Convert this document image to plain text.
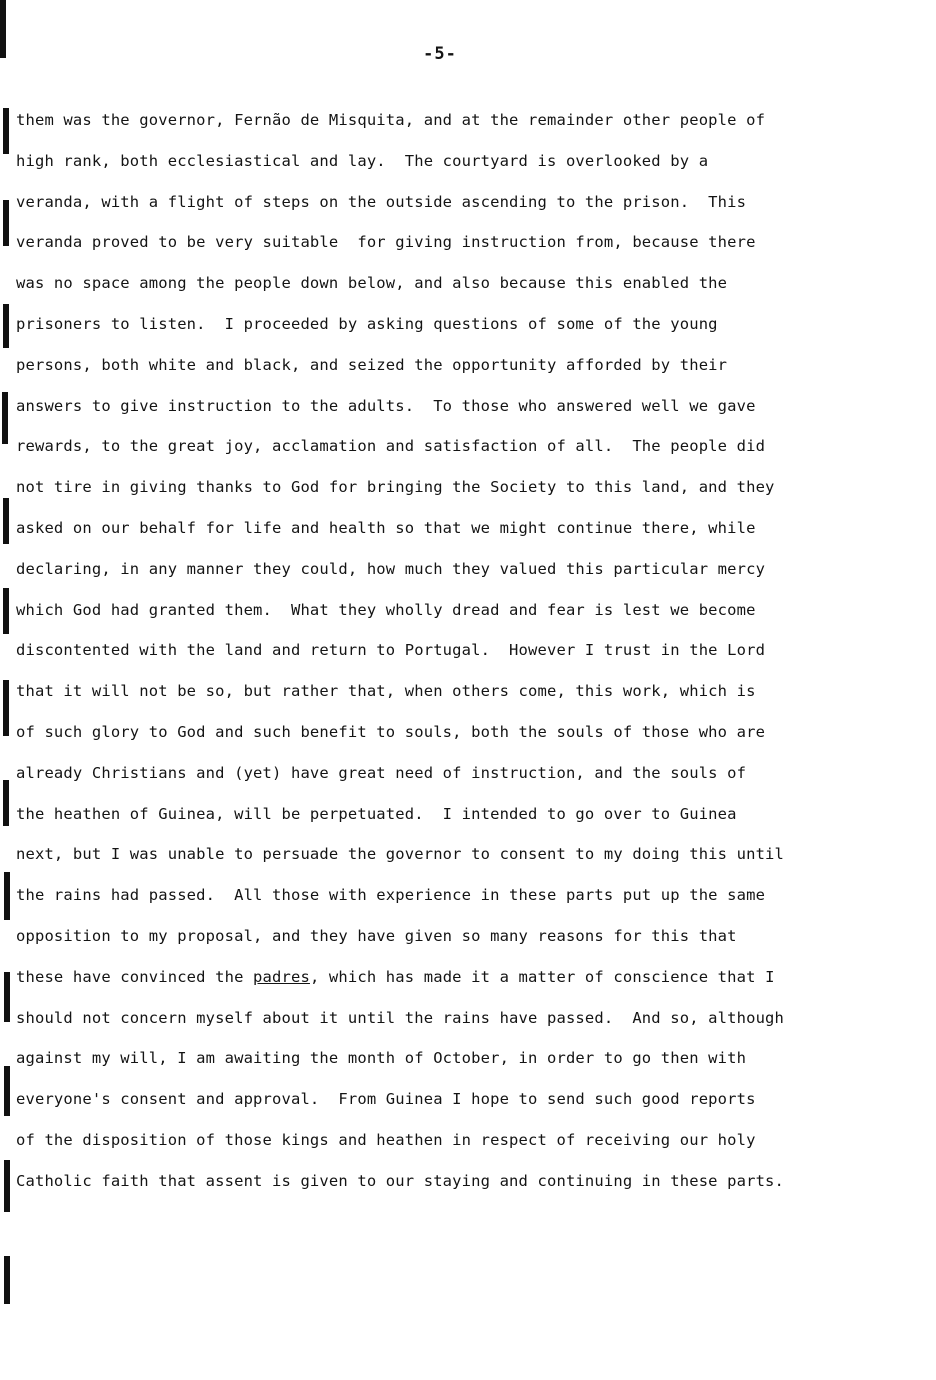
-5-
them was the governor, Fernão de Misquita, and at the remainder other people of
high rank, both ecclesiastical and lay.  The courtyard is overlooked by a
veranda, with a flight of steps on the outside ascending to the prison.  This
veranda proved to be very suitable  for giving instruction from, because there
was no space among the people down below, and also because this enabled the
prisoners to listen.  I proceeded by asking questions of some of the young
persons, both white and black, and seized the opportunity afforded by their
answers to give instruction to the adults.  To those who answered well we gave
rewards, to the great joy, acclamation and satisfaction of all.  The people did
not tire in giving thanks to God for bringing the Society to this land, and they
asked on our behalf for life and health so that we might continue there, while
declaring, in any manner they could, how much they valued this particular mercy
which God had granted them.  What they wholly dread and fear is lest we become
discontented with the land and return to Portugal.  However I trust in the Lord
that it will not be so, but rather that, when others come, this work, which is
of such glory to God and such benefit to souls, both the souls of those who are
already Christians and (yet) have great need of instruction, and the souls of
the heathen of Guinea, will be perpetuated.  I intended to go over to Guinea
next, but I was unable to persuade the governor to consent to my doing this until
the rains had passed.  All those with experience in these parts put up the same
opposition to my proposal, and they have given so many reasons for this that
these have convinced the padres, which has made it a matter of conscience that I
should not concern myself about it until the rains have passed.  And so, although
against my will, I am awaiting the month of October, in order to go then with
everyone's consent and approval.  From Guinea I hope to send such good reports
of the disposition of those kings and heathen in respect of receiving our holy
Catholic faith that assent is given to our staying and continuing in these parts.
